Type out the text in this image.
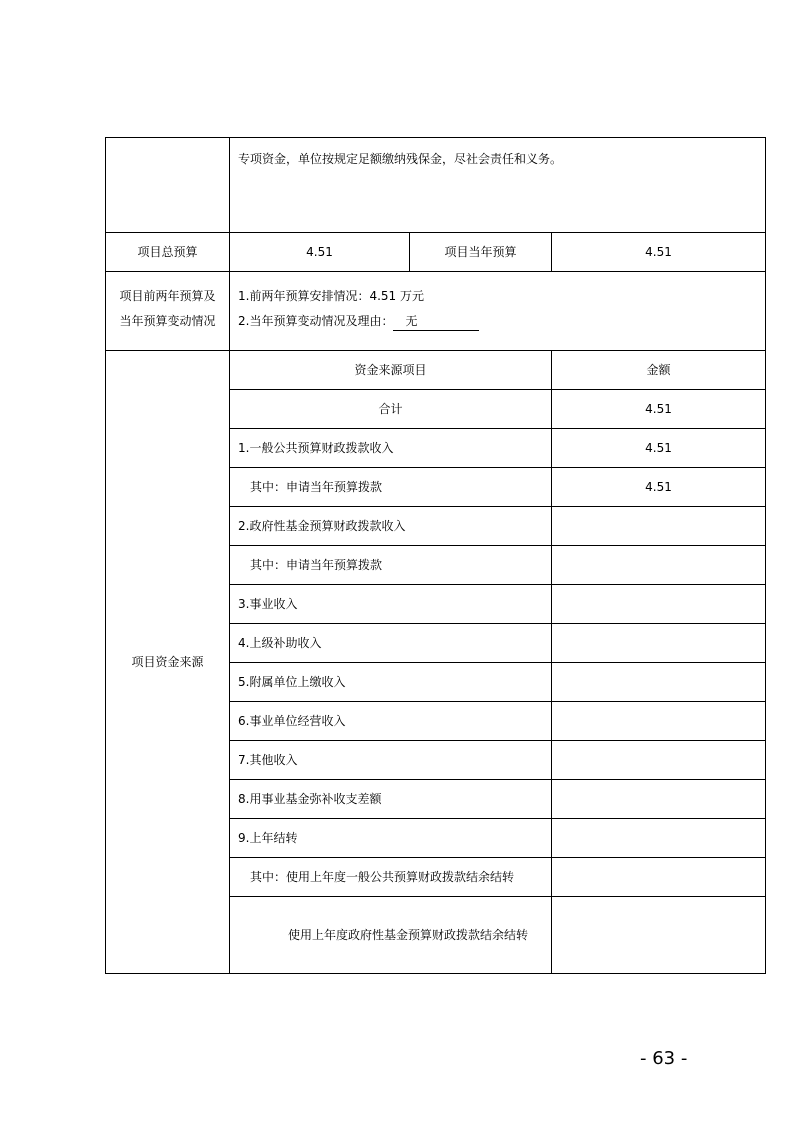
	专项资金，单位按规定足额缴纳残保金，尽社会责任和义务。		
项目总预算	4.51	项目当年预算	4.51
项目前两年预算及
当年预算变动情况	1.前两年预算安排情况：4.51 万元
2.当年预算变动情况及理由： 无		
项目资金来源	资金来源项目		金额
	合计		4.51
	1.一般公共预算财政拨款收入		4.51
	其中：申请当年预算拨款		4.51
	2.政府性基金预算财政拨款收入		
	其中：申请当年预算拨款		
	3.事业收入		
	4.上级补助收入		
	5.附属单位上缴收入		
	6.事业单位经营收入		
	7.其他收入		
	8.用事业基金弥补收支差额		
	9.上年结转		
	其中：使用上年度一般公共预算财政拨款结余结转		
	使用上年度政府性基金预算财政拨款结余结转		
- 63 -
